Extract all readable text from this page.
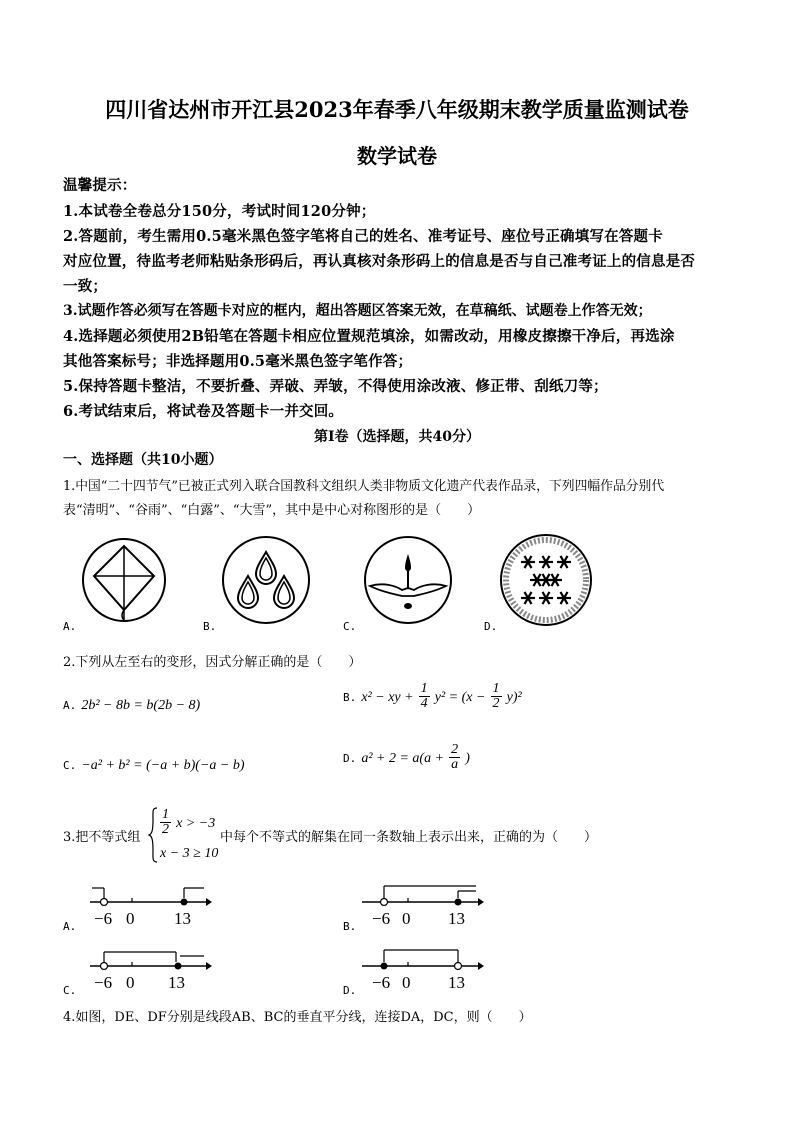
四川省达州市开江县2023年春季八年级期末教学质量监测试卷
数学试卷
温馨提示：
1.本试卷全卷总分150分，考试时间120分钟；
2.答题前，考生需用0.5毫米黑色签字笔将自己的姓名、准考证号、座位号正确填写在答题卡
对应位置，待监考老师粘贴条形码后，再认真核对条形码上的信息是否与自己准考证上的信息是否
一致；
3.试题作答必须写在答题卡对应的框内，超出答题区答案无效，在草稿纸、试题卷上作答无效；
4.选择题必须使用2B铅笔在答题卡相应位置规范填涂，如需改动，用橡皮擦擦干净后，再选涂
其他答案标号；非选择题用0.5毫米黑色签字笔作答；
5.保持答题卡整洁，不要折叠、弄破、弄皱，不得使用涂改液、修正带、刮纸刀等；
6.考试结束后，将试卷及答题卡一并交回。
第Ⅰ卷（选择题，共40分）
一、选择题（共10小题）
1.中国“二十四节气”已被正式列入联合国教科文组织人类非物质文化遗产代表作品录，下列四幅作品分别代
表“清明”、“谷雨”、“白露”、“大雪”，其中是中心对称图形的是（　　）
A.	B.	C.	D.
2.下列从左至右的变形，因式分解正确的是（　　）
A. 2b² − 8b = b(2b − 8)
B. x² − xy + $\frac{1}{4} y^2 = (x - \frac{1}{2} y)^2$
C. −a² + b² = (−a + b)(−a − b)	D. $a^2 + 2 = a(a + \frac{2}{a}$ )
3.把不等式组
$\frac{1}{2}$ x > −3
x − 3 ≥ 10
中每个不等式的解集在同一条数轴上表示出来，正确的为（　　）
−6 0 13
A.	−6 0 13
B.
−6 0 13
C.	−6 0 13
D.
4.如图，DE、DF分别是线段AB、BC的垂直平分线，连接DA，DC，则（　　）
